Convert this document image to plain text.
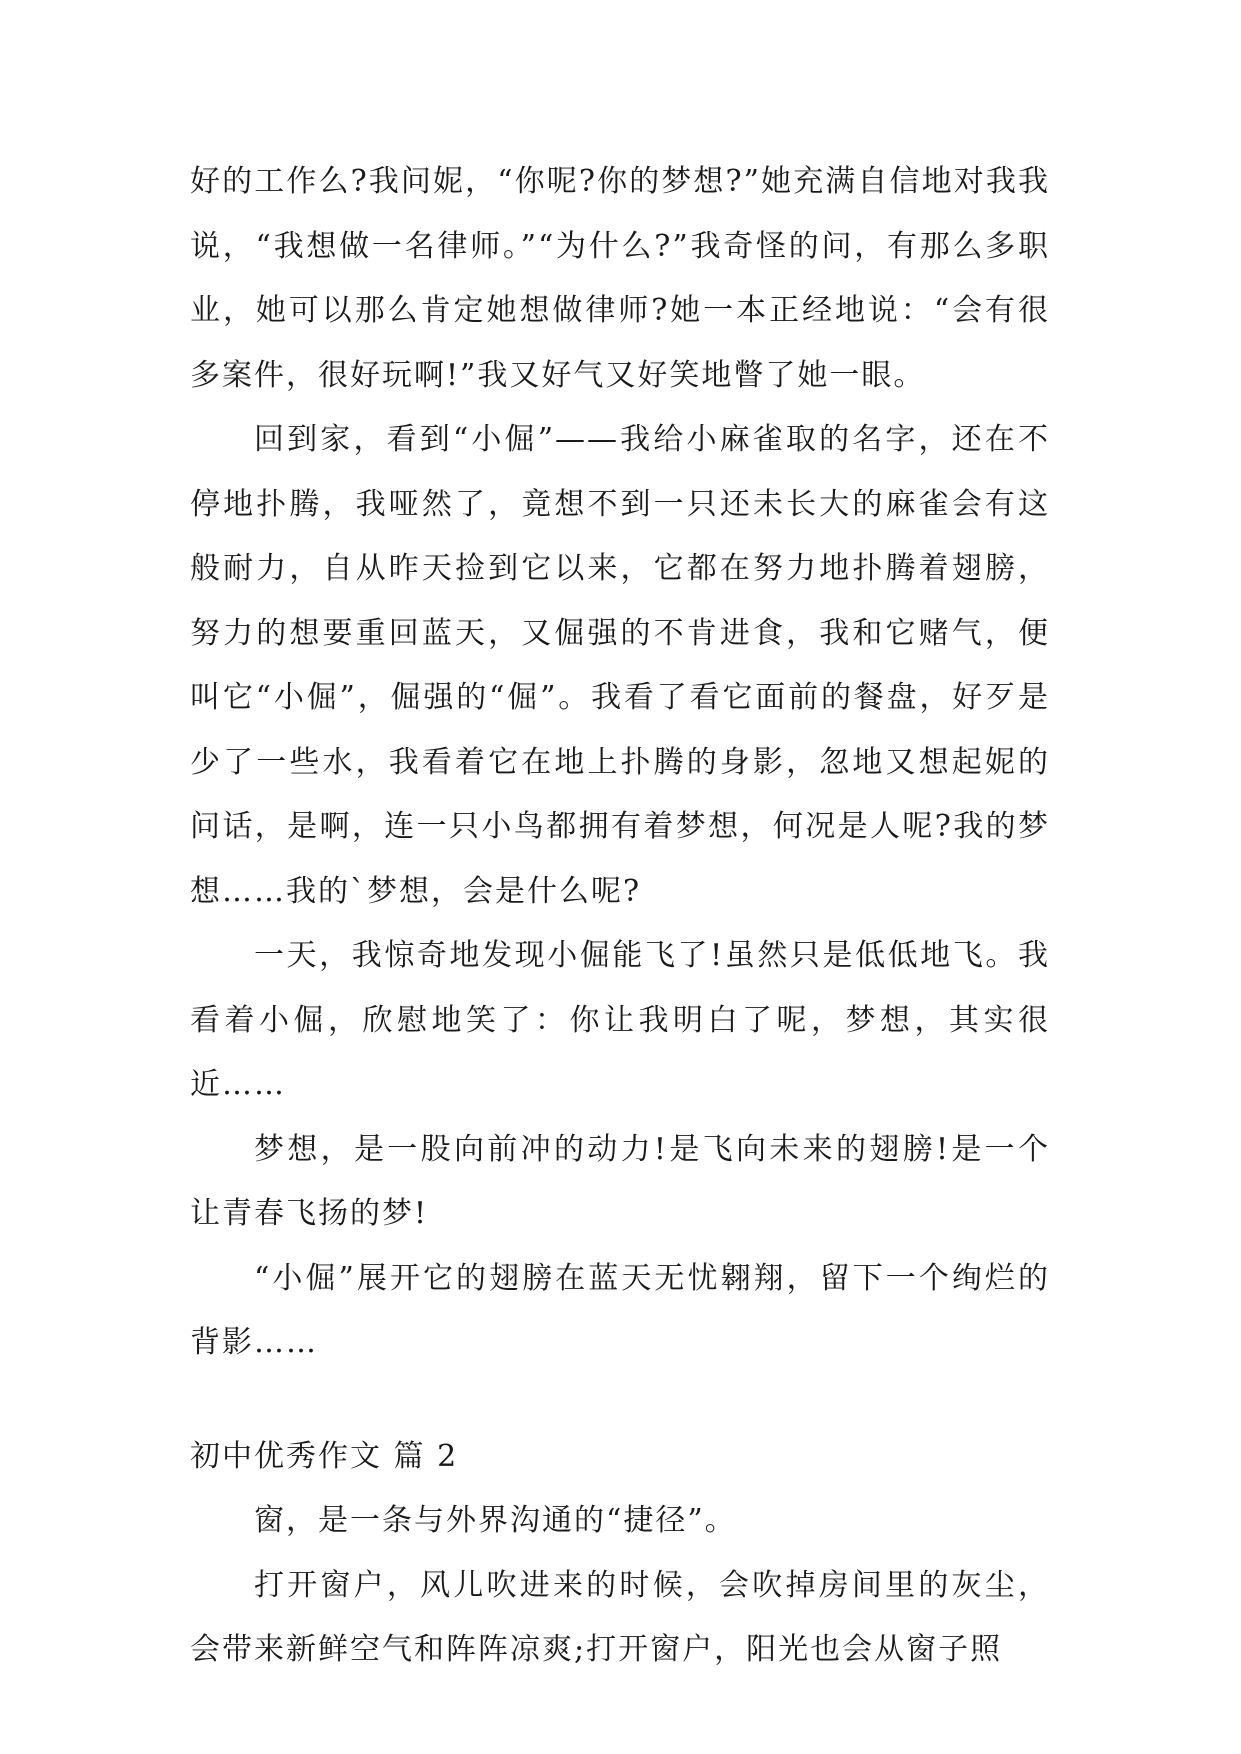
好的工作么?我问妮，“你呢?你的梦想?”她充满自信地对我我说，“我想做一名律师。”“为什么?”我奇怪的问，有那么多职业，她可以那么肯定她想做律师?她一本正经地说：“会有很多案件，很好玩啊!”我又好气又好笑地瞥了她一眼。

回到家，看到“小倔”——我给小麻雀取的名字，还在不停地扑腾，我哑然了，竟想不到一只还未长大的麻雀会有这般耐力，自从昨天捡到它以来，它都在努力地扑腾着翅膀，努力的想要重回蓝天，又倔强的不肯进食，我和它赌气，便叫它“小倔”，倔强的“倔”。我看了看它面前的餐盘，好歹是少了一些水，我看着它在地上扑腾的身影，忽地又想起妮的问话，是啊，连一只小鸟都拥有着梦想，何况是人呢?我的梦想……我的`梦想，会是什么呢?

一天，我惊奇地发现小倔能飞了!虽然只是低低地飞。我看着小倔，欣慰地笑了：你让我明白了呢，梦想，其实很近……

梦想，是一股向前冲的动力!是飞向未来的翅膀!是一个让青春飞扬的梦!

“小倔”展开它的翅膀在蓝天无忧翱翔，留下一个绚烂的背影……

初中优秀作文 篇 2

窗，是一条与外界沟通的“捷径”。

打开窗户，风儿吹进来的时候，会吹掉房间里的灰尘，会带来新鲜空气和阵阵凉爽;打开窗户，阳光也会从窗子照
